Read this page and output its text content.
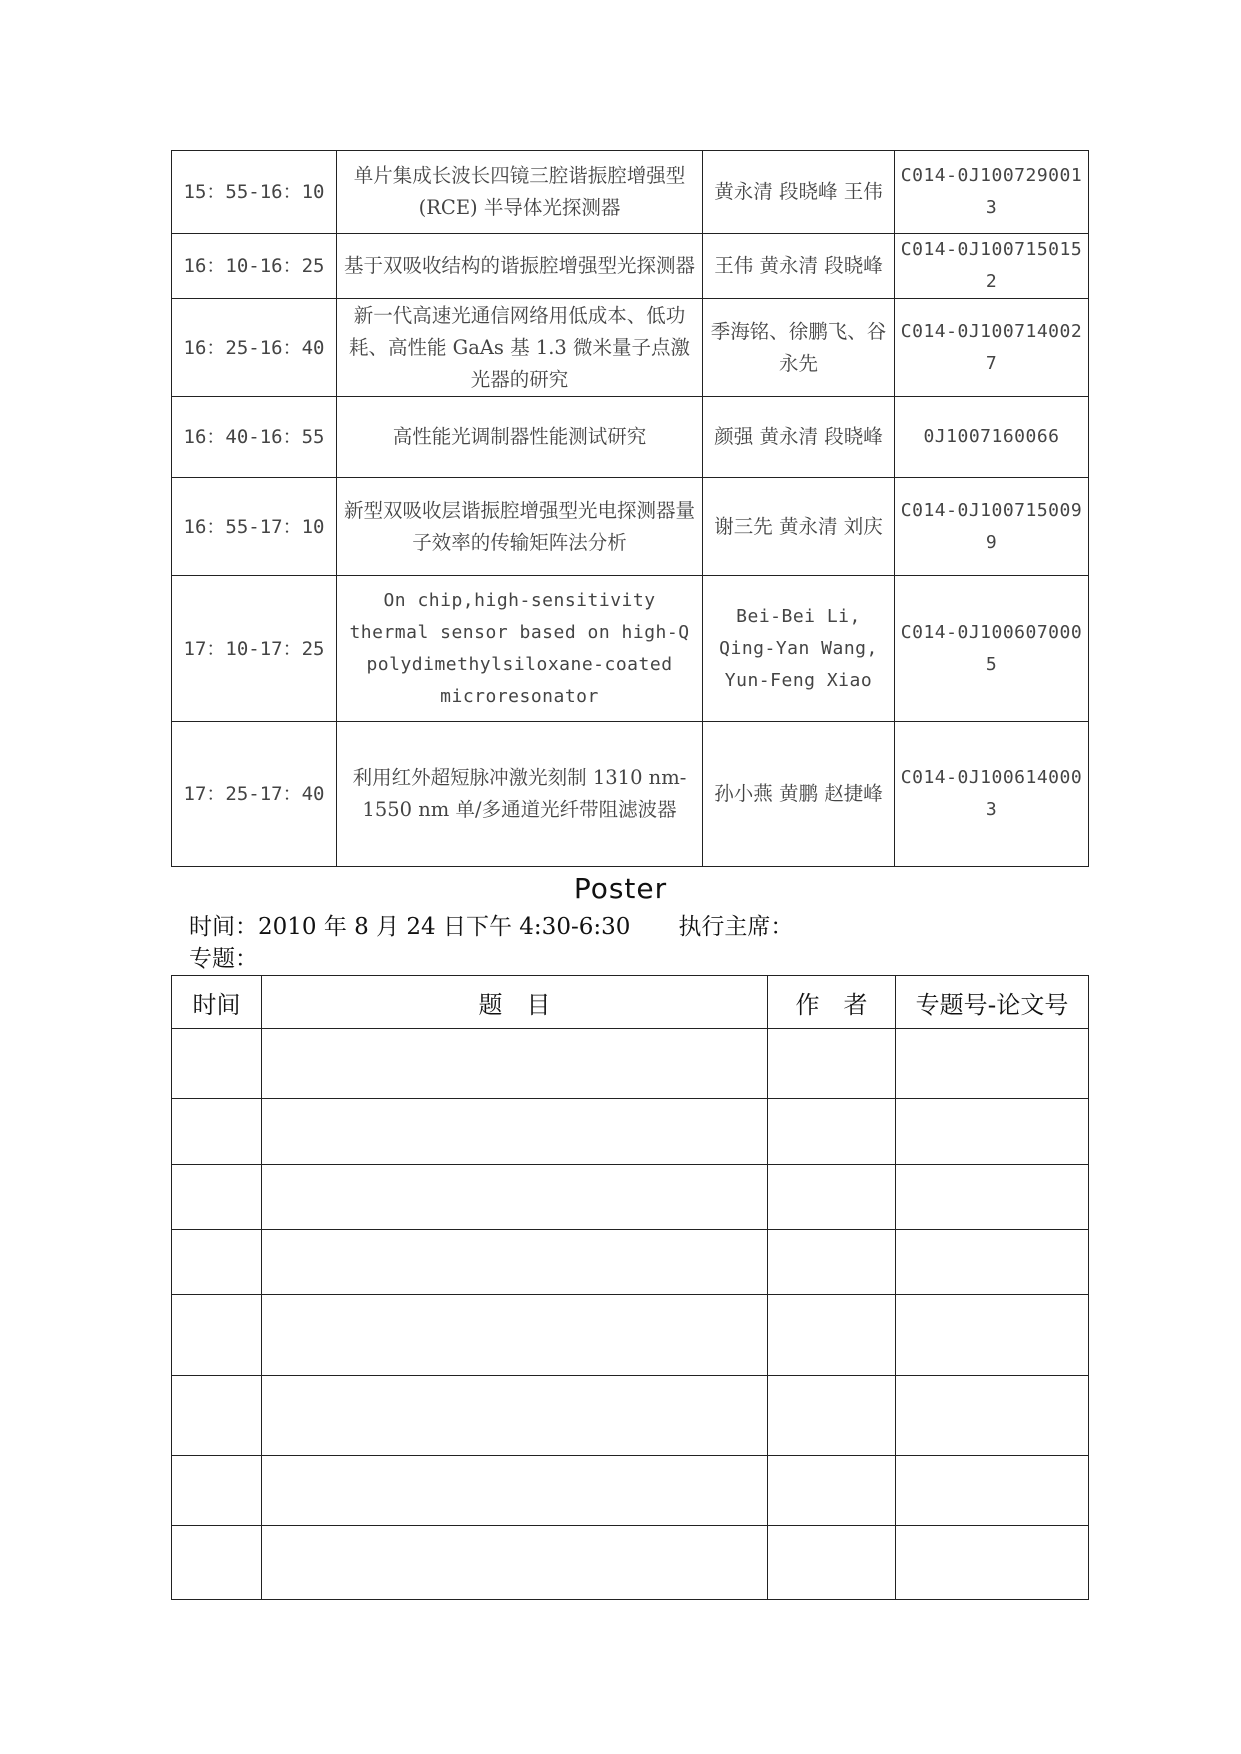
15：55-16：10	单片集成长波长四镜三腔谐振腔增强型(RCE) 半导体光探测器	黄永清 段晓峰 王伟	C014-0J1007290013
16：10-16：25	基于双吸收结构的谐振腔增强型光探测器	王伟 黄永清 段晓峰	C014-0J1007150152
16：25-16：40	新一代高速光通信网络用低成本、低功耗、高性能 GaAs 基 1.3 微米量子点激光器的研究	季海铭、徐鹏飞、谷永先	C014-0J1007140027
16：40-16：55	高性能光调制器性能测试研究	颜强 黄永清 段晓峰	0J1007160066
16：55-17：10	新型双吸收层谐振腔增强型光电探测器量子效率的传输矩阵法分析	谢三先 黄永清 刘庆	C014-0J1007150099
17：10-17：25	On chip,high-sensitivity thermal sensor based on high-Q polydimethylsiloxane-coated microresonator	Bei-Bei Li, Qing-Yan Wang, Yun-Feng Xiao	C014-0J1006070005
17：25-17：40	利用红外超短脉冲激光刻制 1310 nm-1550 nm 单/多通道光纤带阻滤波器	孙小燕 黄鹏 赵捷峰	C014-0J1006140003
Poster
时间：2010 年 8 月 24 日下午 4:30-6:30 执行主席：
专题：
时间	题　目	作　者	专题号-论文号
